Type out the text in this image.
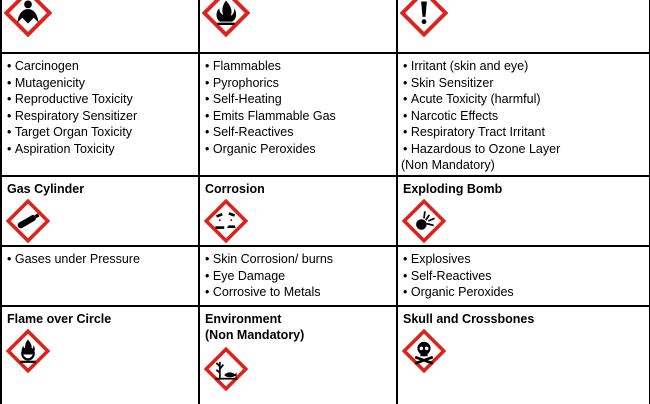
• Carcinogen
• Mutagenicity
• Reproductive Toxicity
• Respiratory Sensitizer
• Target Organ Toxicity
• Aspiration Toxicity
• Flammables
• Pyrophorics
• Self-Heating
• Emits Flammable Gas
• Self-Reactives
• Organic Peroxides
• Irritant (skin and eye)
• Skin Sensitizer
• Acute Toxicity (harmful)
• Narcotic Effects
• Respiratory Tract Irritant
• Hazardous to Ozone Layer
(Non Mandatory)
Gas Cylinder	Corrosion	Exploding Bomb
• Gases under Pressure
•	Skin Corrosion/ burns
• Eye Damage
• Corrosive to Metals
• Explosives
• Self-Reactives
• Organic Peroxides
Flame over Circle	Environment
(Non Mandatory)
Skull and Crossbones
